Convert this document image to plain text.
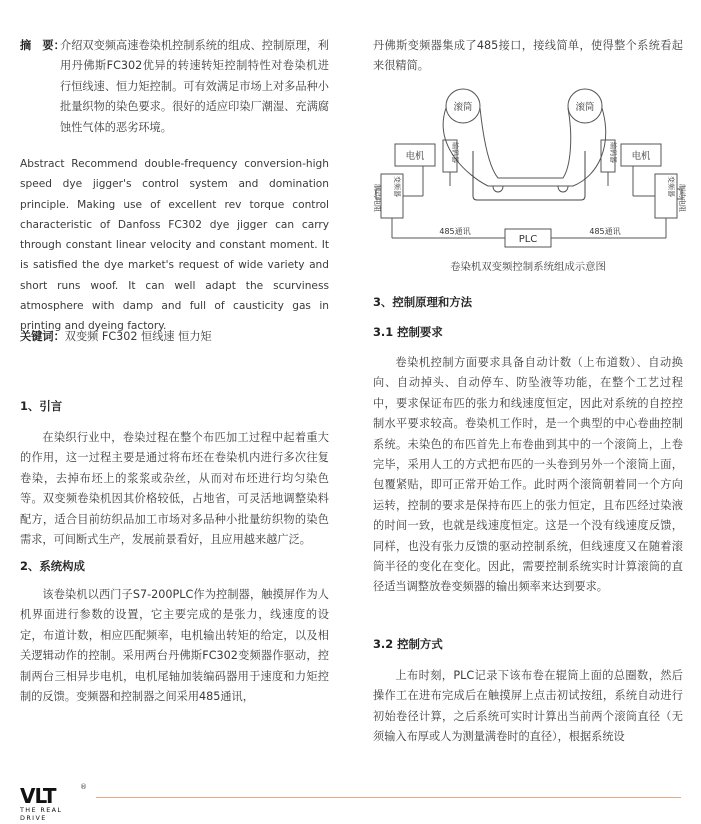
摘　要：

介绍双变频高速卷染机控制系统的组成、控制原理，利用丹佛斯FC302优异的转速转矩控制特性对卷染机进行恒线速、恒力矩控制。可有效满足市场上对多品种小批量织物的染色要求。很好的适应印染厂潮湿、充满腐蚀性气体的恶劣环境。

Abstract Recommend double-frequency conversion-high speed dye jigger's control system and domination principle. Making use of excellent rev torque control characteristic of Danfoss FC302 dye jigger can carry through constant linear velocity and constant moment. It is satisfied the dye market's request of wide variety and short runs woof. It can well adapt the scurviness atmosphere with damp and full of causticity gas in printing and dyeing factory.

关键词：双变频 FC302 恒线速 恒力矩
1、引言

在染织行业中，卷染过程在整个布匹加工过程中起着重大的作用，这一过程主要是通过将布坯在卷染机内进行多次往复卷染，去掉布坯上的浆浆或杂丝，从而对布坯进行均匀染色等。双变频卷染机因其价格较低，占地省，可灵活地调整染料配方，适合目前纺织品加工市场对多品种小批量纺织物的染色需求，可间断式生产，发展前景看好，且应用越来越广泛。

2、系统构成

该卷染机以西门子S7-200PLC作为控制器，触摸屏作为人机界面进行参数的设置，它主要完成的是张力，线速度的设定，布道计数，相应匹配频率，电机输出转矩的给定，以及相关逻辑动作的控制。采用两台丹佛斯FC302变频器作驱动，控制两台三相异步电机，电机尾轴加装编码器用于速度和力矩控制的反馈。变频器和控制器之间采用485通讯，

丹佛斯变频器集成了485接口，接线简单，使得整个系统看起来很精简。

滚筒	滚筒
电机	电机
PLC
485通讯	485通讯
编码器	编码器
变频器	变频器
制动电阻	制动电阻
卷染机双变频控制系统组成示意图
3、控制原理和方法
3.1 控制要求

卷染机控制方面要求具备自动计数（上布道数）、自动换向、自动掉头、自动停车、防坠液等功能，在整个工艺过程中，要求保证布匹的张力和线速度恒定，因此对系统的自控控制水平要求较高。卷染机工作时，是一个典型的中心卷曲控制系统。未染色的布匹首先上布卷曲到其中的一个滚筒上，上卷完毕，采用人工的方式把布匹的一头卷到另外一个滚筒上面，包覆紧贴，即可正常开始工作。此时两个滚筒朝着同一个方向运转，控制的要求是保持布匹上的张力恒定，且布匹经过染液的时间一致，也就是线速度恒定。这是一个没有线速度反馈，同样，也没有张力反馈的驱动控制系统，但线速度又在随着滚筒半径的变化在变化。因此，需要控制系统实时计算滚筒的直径适当调整放卷变频器的输出频率来达到要求。

3.2 控制方式

上布时刻，PLC记录下该布卷在辊筒上面的总圈数，然后操作工在进布完成后在触摸屏上点击初试按纽，系统自动进行初始卷径计算，之后系统可实时计算出当前两个滚筒直径（无须输入布厚或人为测量满卷时的直径），根据系统设

VLT	®
THE REAL DRIVE
